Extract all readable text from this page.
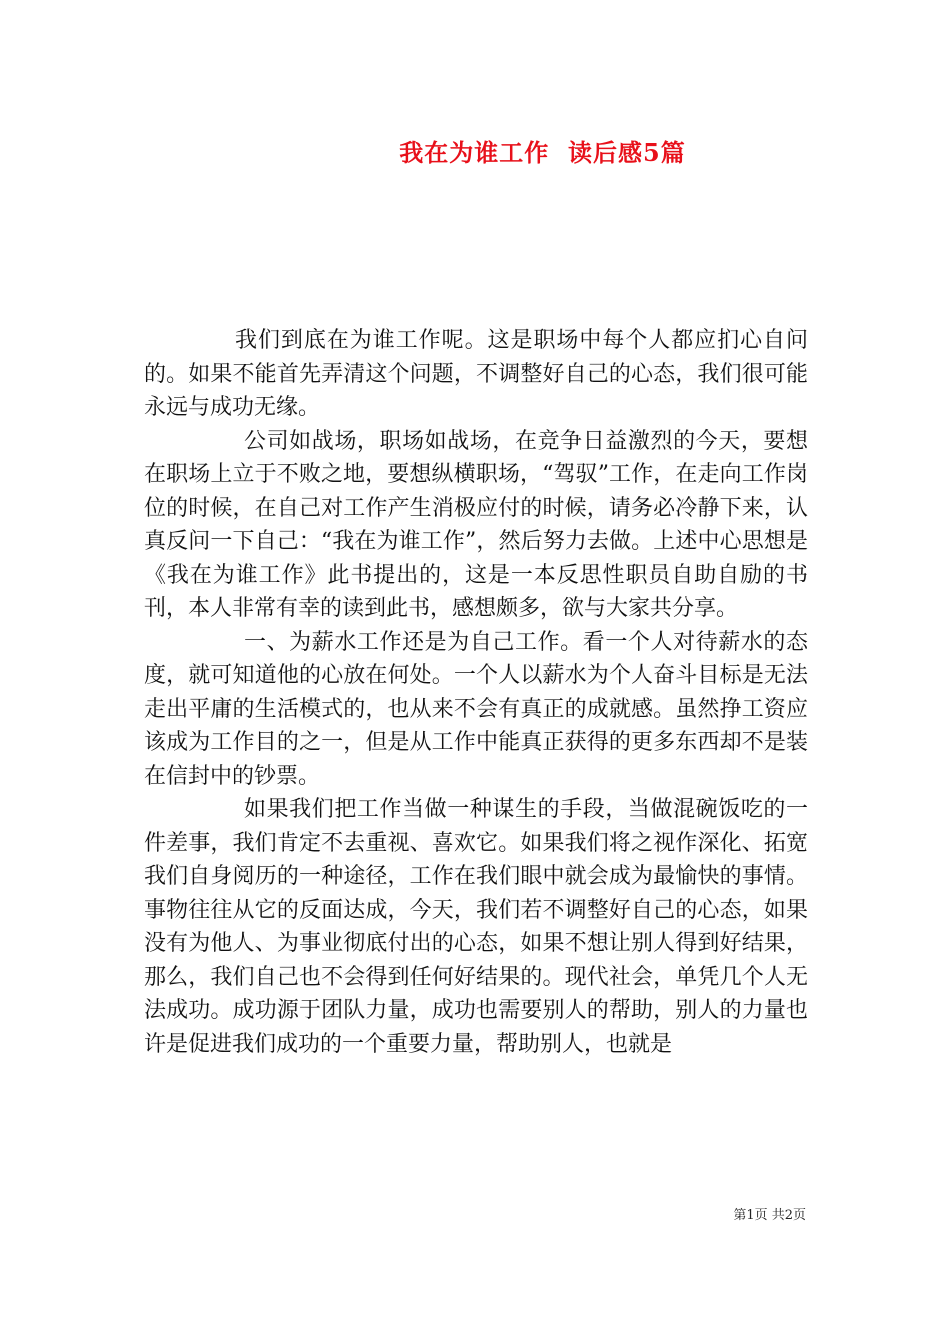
我在为谁工作  读后感5篇

我们到底在为谁工作呢。这是职场中每个人都应扪心自问的。如果不能首先弄清这个问题，不调整好自己的心态，我们很可能永远与成功无缘。

公司如战场，职场如战场，在竞争日益激烈的今天，要想在职场上立于不败之地，要想纵横职场，“驾驭”工作，在走向工作岗位的时候，在自己对工作产生消极应付的时候，请务必冷静下来，认真反问一下自己：“我在为谁工作”，然后努力去做。上述中心思想是《我在为谁工作》此书提出的，这是一本反思性职员自助自励的书刊，本人非常有幸的读到此书，感想颇多，欲与大家共分享。

一、为薪水工作还是为自己工作。看一个人对待薪水的态度，就可知道他的心放在何处。一个人以薪水为个人奋斗目标是无法走出平庸的生活模式的，也从来不会有真正的成就感。虽然挣工资应该成为工作目的之一，但是从工作中能真正获得的更多东西却不是装在信封中的钞票。

如果我们把工作当做一种谋生的手段，当做混碗饭吃的一件差事，我们肯定不去重视、喜欢它。如果我们将之视作深化、拓宽我们自身阅历的一种途径，工作在我们眼中就会成为最愉快的事情。事物往往从它的反面达成，今天，我们若不调整好自己的心态，如果没有为他人、为事业彻底付出的心态，如果不想让别人得到好结果，那么，我们自己也不会得到任何好结果的。现代社会，单凭几个人无法成功。成功源于团队力量，成功也需要别人的帮助，别人的力量也许是促进我们成功的一个重要力量，帮助别人，也就是

第1页 共2页
